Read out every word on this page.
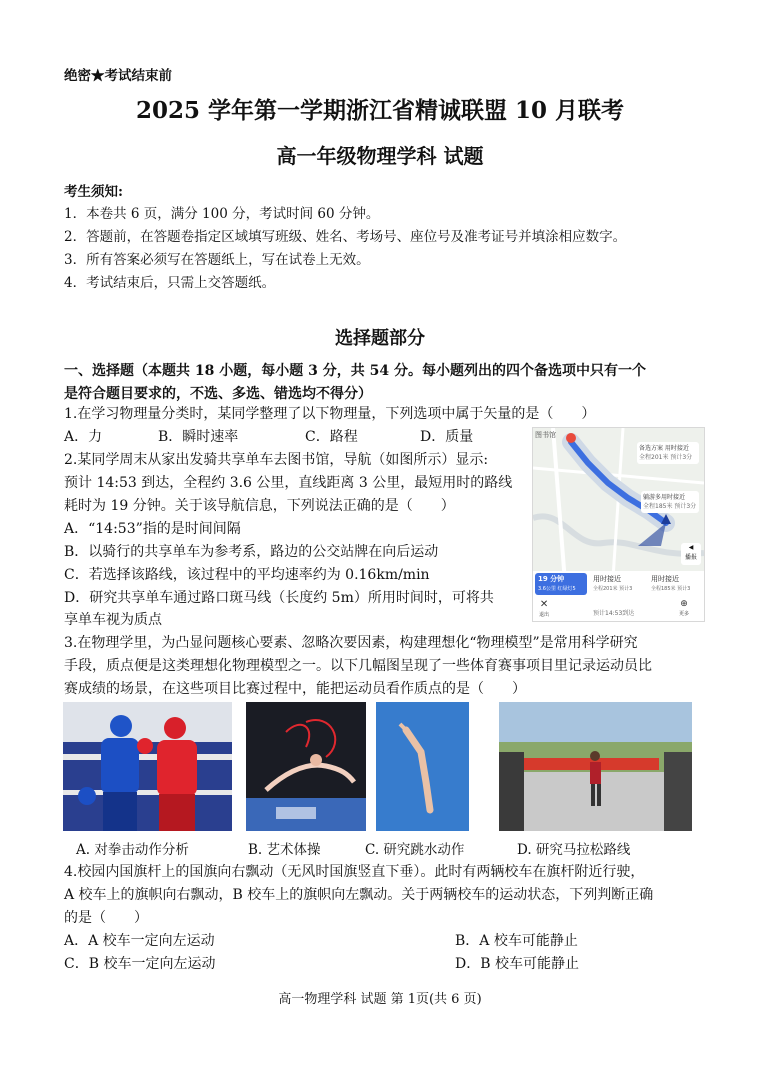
绝密★考试结束前
2025 学年第一学期浙江省精诚联盟 10 月联考
高一年级物理学科 试题
考生须知:
1．本卷共 6 页，满分 100 分，考试时间 60 分钟。
2．答题前，在答题卷指定区域填写班级、姓名、考场号、座位号及准考证号并填涂相应数字。
3．所有答案必须写在答题纸上，写在试卷上无效。
4．考试结束后，只需上交答题纸。
选择题部分
一、选择题（本题共 18 小题，每小题 3 分，共 54 分。每小题列出的四个备选项中只有一个
是符合题目要求的，不选、多选、错选均不得分）
1.在学习物理量分类时，某同学整理了以下物理量，下列选项中属于矢量的是（　　）
A．力	B．瞬时速率	C．路程	D．质量
2.某同学周末从家出发骑共享单车去图书馆，导航（如图所示）显示:
预计 14:53 到达，全程约 3.6 公里，直线距离 3 公里，最短用时的路线
耗时为 19 分钟。关于该导航信息，下列说法正确的是（　　）
A．“14:53”指的是时间间隔
B．以骑行的共享单车为参考系，路边的公交站牌在向后运动
C．若选择该路线，该过程中的平均速率约为 0.16km/min
D．研究共享单车通过路口斑马线（长度约 5m）所用时间时，可将共
享单车视为质点
图书馆
备选方案 用时接近
全程201米 预计3分
躺游多用时接近
全程185米 预计3分
◀
播报
19 分钟
3.6公里 红绿灯5
用时接近
全程201米 预计3
用时接近
全程185米 预计3
✕
退出	预计14:53到达
⊕
更多
3.在物理学里，为凸显问题核心要素、忽略次要因素，构建理想化“物理模型”是常用科学研究
手段，质点便是这类理想化物理模型之一。以下几幅图呈现了一些体育赛事项目里记录运动员比
赛成绩的场景，在这些项目比赛过程中，能把运动员看作质点的是（　　）
A. 对拳击动作分析	B. 艺术体操	C. 研究跳水动作	D. 研究马拉松路线
4.校园内国旗杆上的国旗向右飘动（无风时国旗竖直下垂）。此时有两辆校车在旗杆附近行驶，
A 校车上的旗帜向右飘动，B 校车上的旗帜向左飘动。关于两辆校车的运动状态，下列判断正确
的是（　　）
A．A 校车一定向左运动	B．A 校车可能静止
C．B 校车一定向左运动	D．B 校车可能静止
高一物理学科 试题 第 1页(共 6 页)
